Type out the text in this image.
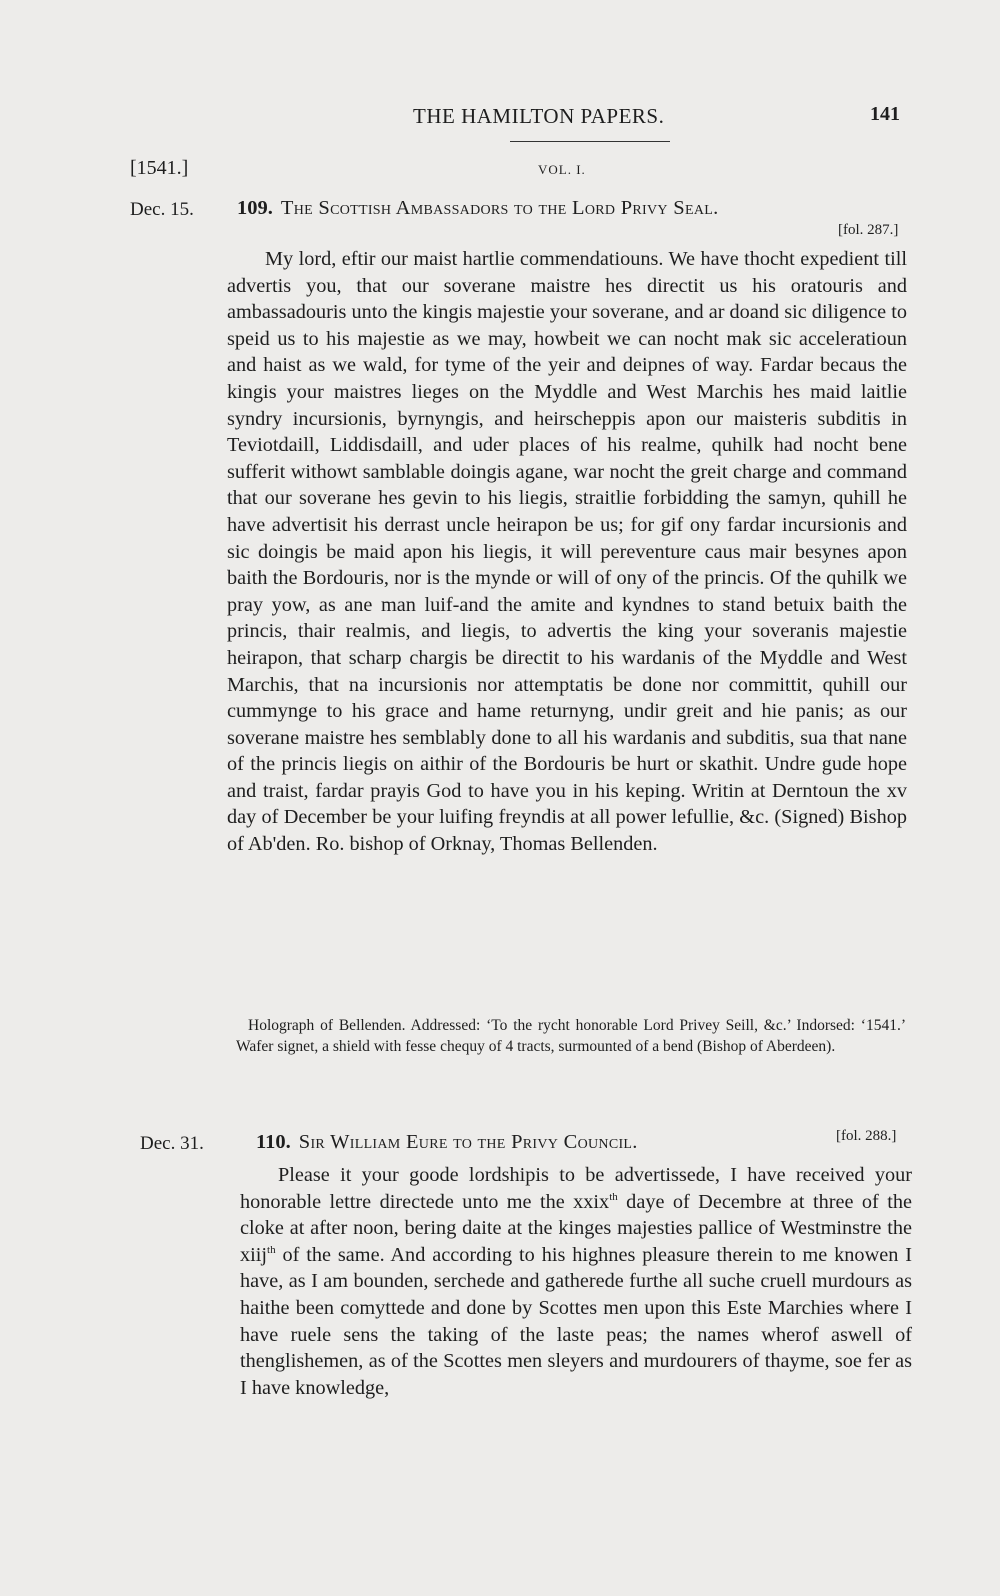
THE HAMILTON PAPERS.	141
[1541.]	VOL. I.
Dec. 15. 109. The Scottish Ambassadors to the Lord Privy Seal.
[fol. 287.]

My lord, eftir our maist hartlie commendatiouns. We have thocht expedient till advertis you, that our soverane maistre hes directit us his oratouris and ambassadouris unto the kingis majestie your soverane, and ar doand sic diligence to speid us to his majestie as we may, howbeit we can nocht mak sic acceleratioun and haist as we wald, for tyme of the yeir and deipnes of way. Fardar becaus the kingis your maistres lieges on the Myddle and West Marchis hes maid laitlie syndry incursionis, byrnyngis, and heirscheppis apon our maisteris subditis in Teviotdaill, Liddisdaill, and uder places of his realme, quhilk had nocht bene sufferit withowt samblable doingis agane, war nocht the greit charge and command that our soverane hes gevin to his liegis, straitlie forbidding the samyn, quhill he have advertisit his derrast uncle heirapon be us; for gif ony fardar incursionis and sic doingis be maid apon his liegis, it will pereventure caus mair besynes apon baith the Bordouris, nor is the mynde or will of ony of the princis. Of the quhilk we pray yow, as ane man luif-and the amite and kyndnes to stand betuix baith the princis, thair realmis, and liegis, to advertis the king your soveranis majestie heirapon, that scharp chargis be directit to his wardanis of the Myddle and West Marchis, that na incursionis nor attemptatis be done nor committit, quhill our cummynge to his grace and hame returnyng, undir greit and hie panis; as our soverane maistre hes semblably done to all his wardanis and subditis, sua that nane of the princis liegis on aithir of the Bordouris be hurt or skathit. Undre gude hope and traist, fardar prayis God to have you in his keping. Writin at Derntoun the xv day of December be your luifing freyndis at all power lefullie, &c. (Signed) Bishop of Ab'den. Ro. bishop of Orknay, Thomas Bellenden.

Holograph of Bellenden. Addressed: ‘To the rycht honorable Lord Privey Seill, &c.’ Indorsed: ‘1541.’ Wafer signet, a shield with fesse chequy of 4 tracts, surmounted of a bend (Bishop of Aberdeen).

Dec. 31.	110. Sir William Eure to the Privy Council.	[fol. 288.]

Please it your goode lordshipis to be advertissede, I have received your honorable lettre directede unto me the xxix$^{th}$ daye of Decembre at three of the cloke at after noon, bering daite at the kinges majesties pallice of Westminstre the xiij$^{th}$ of the same. And according to his highnes pleasure therein to me knowen I have, as I am bounden, serchede and gatherede furthe all suche cruell murdours as haithe been comyttede and done by Scottes men upon this Este Marchies where I have ruele sens the taking of the laste peas; the names wherof aswell of thenglishemen, as of the Scottes men sleyers and murdourers of thayme, soe fer as I have knowledge,
